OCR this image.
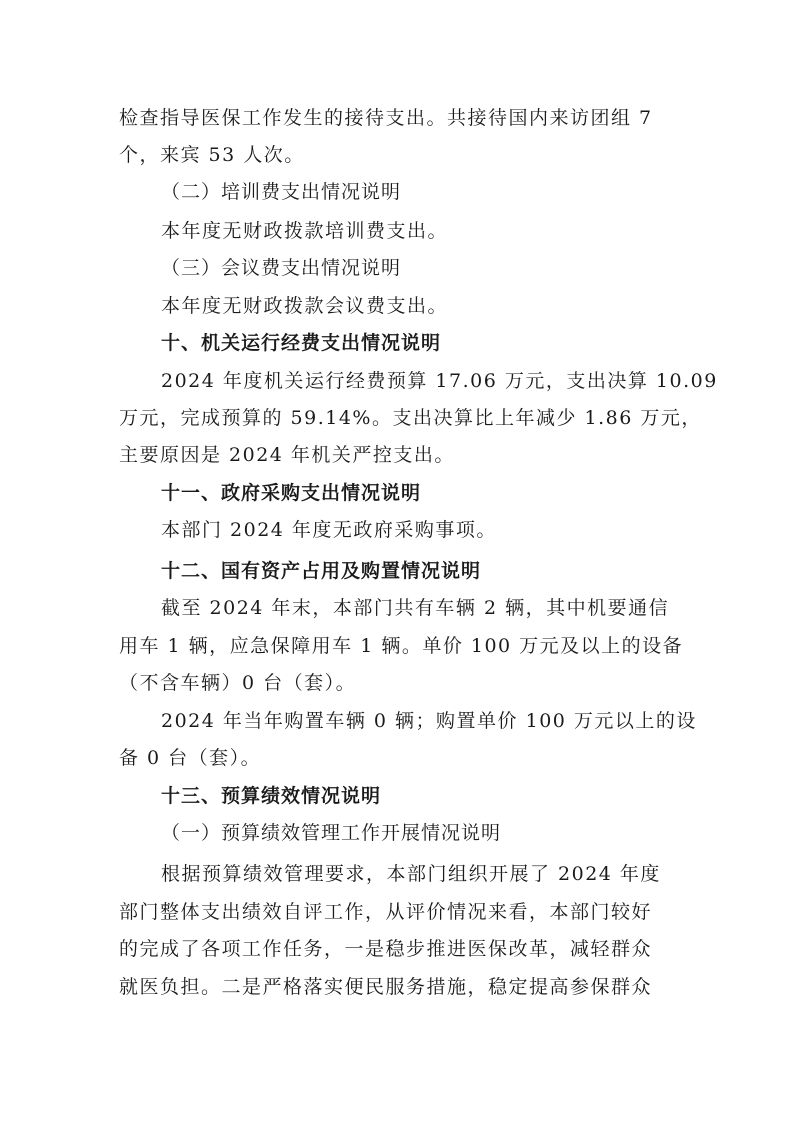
检查指导医保工作发生的接待支出。共接待国内来访团组 7
个，来宾 53 人次。
（二）培训费支出情况说明
本年度无财政拨款培训费支出。
（三）会议费支出情况说明
本年度无财政拨款会议费支出。
十、机关运行经费支出情况说明
2024 年度机关运行经费预算 17.06 万元，支出决算 10.09
万元，完成预算的 59.14%。支出决算比上年减少 1.86 万元，
主要原因是 2024 年机关严控支出。
十一、政府采购支出情况说明
本部门 2024 年度无政府采购事项。
十二、国有资产占用及购置情况说明
截至 2024 年末，本部门共有车辆 2 辆，其中机要通信
用车 1 辆，应急保障用车 1 辆。单价 100 万元及以上的设备
（不含车辆）0 台（套）。
2024 年当年购置车辆 0 辆；购置单价 100 万元以上的设
备 0 台（套）。
十三、预算绩效情况说明
（一）预算绩效管理工作开展情况说明
根据预算绩效管理要求，本部门组织开展了 2024 年度
部门整体支出绩效自评工作，从评价情况来看，本部门较好
的完成了各项工作任务，一是稳步推进医保改革，减轻群众
就医负担。二是严格落实便民服务措施，稳定提高参保群众
